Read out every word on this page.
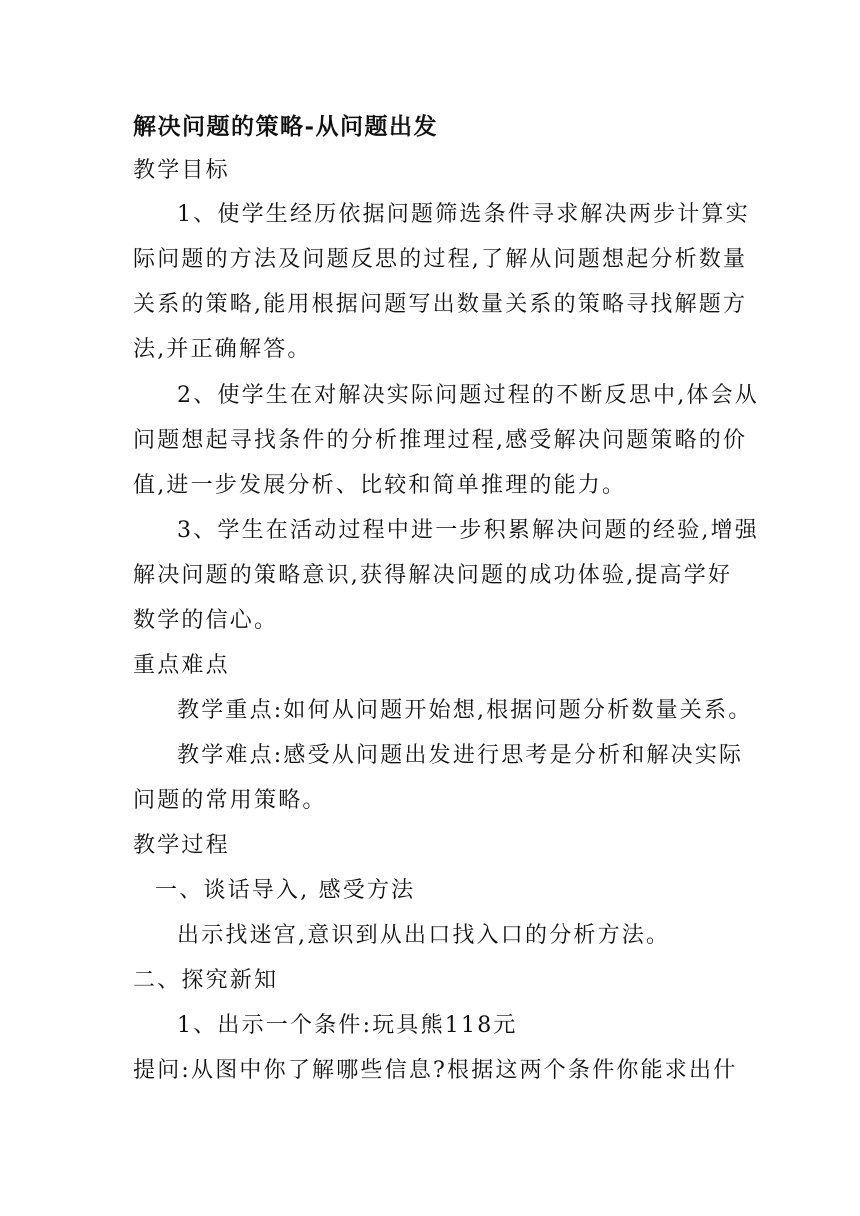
解决问题的策略-从问题出发
教学目标
1、使学生经历依据问题筛选条件寻求解决两步计算实
际问题的方法及问题反思的过程,了解从问题想起分析数量
关系的策略,能用根据问题写出数量关系的策略寻找解题方
法,并正确解答。
2、使学生在对解决实际问题过程的不断反思中,体会从
问题想起寻找条件的分析推理过程,感受解决问题策略的价
值,进一步发展分析、比较和简单推理的能力。
3、学生在活动过程中进一步积累解决问题的经验,增强
解决问题的策略意识,获得解决问题的成功体验,提高学好
数学的信心。
重点难点
教学重点:如何从问题开始想,根据问题分析数量关系。
教学难点:感受从问题出发进行思考是分析和解决实际
问题的常用策略。
教学过程
一、谈话导入, 感受方法
出示找迷宫,意识到从出口找入口的分析方法。
二、探究新知
1、出示一个条件:玩具熊118元
提问:从图中你了解哪些信息?根据这两个条件你能求出什
